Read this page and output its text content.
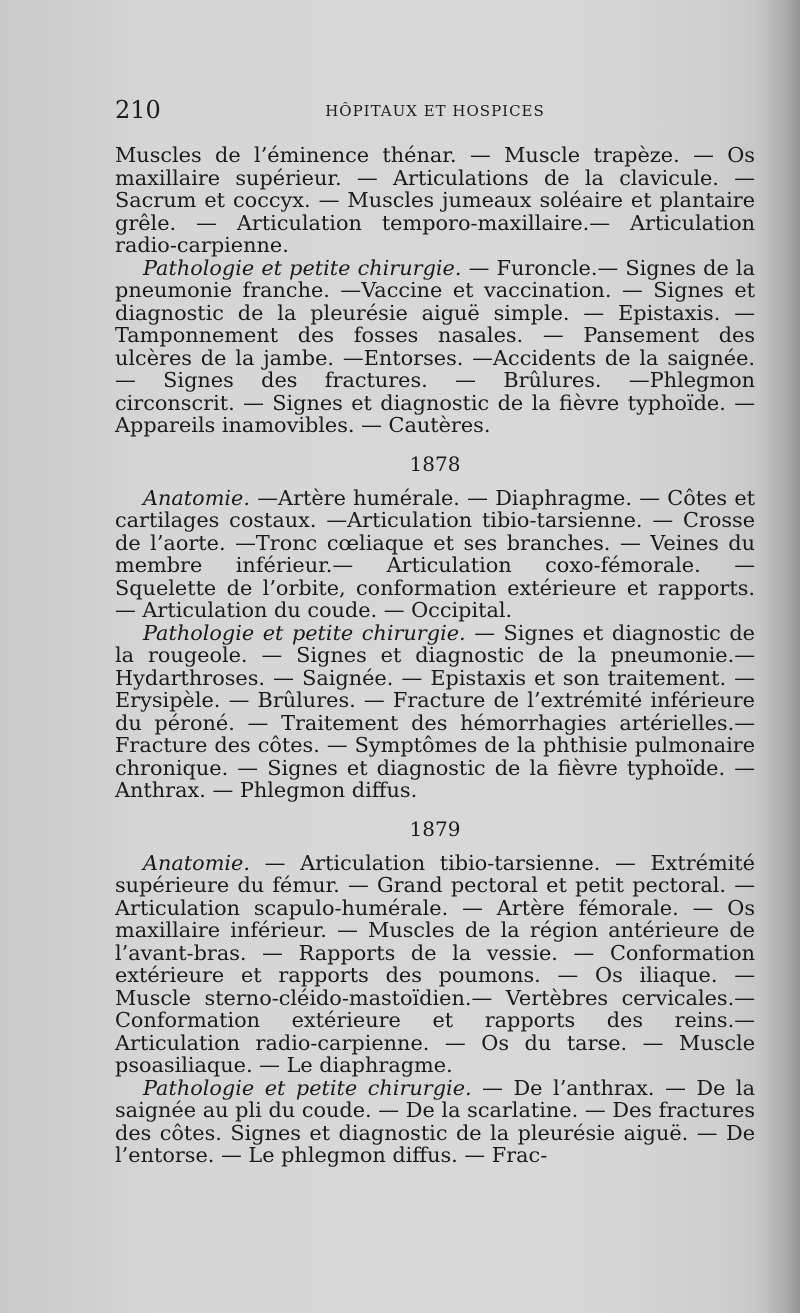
210	HÔPITAUX ET HOSPICES

Muscles de l’éminence thénar. — Muscle trapèze. — Os maxillaire supérieur. — Articulations de la clavicule. — Sacrum et coccyx. — Muscles jumeaux soléaire et plantaire grêle. — Articulation temporo-maxillaire.— Articulation radio-carpienne.

Pathologie et petite chirurgie. — Furoncle.— Signes de la pneumonie franche. —Vaccine et vaccination. — Signes et diagnostic de la pleurésie aiguë simple. — Epistaxis. — Tamponnement des fosses nasales. — Pansement des ulcères de la jambe. —Entorses. —Accidents de la saignée. — Signes des fractures. — Brûlures. —Phlegmon circonscrit. — Signes et diagnostic de la fièvre typhoïde. — Appareils inamovibles. — Cautères.

1878

Anatomie. —Artère humérale. — Diaphragme. — Côtes et cartilages costaux. —Articulation tibio-tarsienne. — Crosse de l’aorte. —Tronc cœliaque et ses branches. — Veines du membre inférieur.— Articulation coxo-fémorale. — Squelette de l’orbite, conformation extérieure et rapports. — Articulation du coude. — Occipital.

Pathologie et petite chirurgie. — Signes et diagnostic de la rougeole. — Signes et diagnostic de la pneumonie.— Hydarthroses. — Saignée. — Epistaxis et son traitement. — Erysipèle. — Brûlures. — Fracture de l’extrémité inférieure du péroné. — Traitement des hémorrhagies artérielles.— Fracture des côtes. — Symptômes de la phthisie pulmonaire chronique. — Signes et diagnostic de la fièvre typhoïde. — Anthrax. — Phlegmon diffus.

1879

Anatomie. — Articulation tibio-tarsienne. — Extrémité supérieure du fémur. — Grand pectoral et petit pectoral. — Articulation scapulo-humérale. — Artère fémorale. — Os maxillaire inférieur. — Muscles de la région antérieure de l’avant-bras. — Rapports de la vessie. — Conformation extérieure et rapports des poumons. — Os iliaque. — Muscle sterno-cléido-mastoïdien.— Vertèbres cervicales.— Conformation extérieure et rapports des reins.— Articulation radio-carpienne. — Os du tarse. — Muscle psoasiliaque. — Le diaphragme.

Pathologie et petite chirurgie. — De l’anthrax. — De la saignée au pli du coude. — De la scarlatine. — Des fractures des côtes. Signes et diagnostic de la pleurésie aiguë. — De l’entorse. — Le phlegmon diffus. — Frac-
